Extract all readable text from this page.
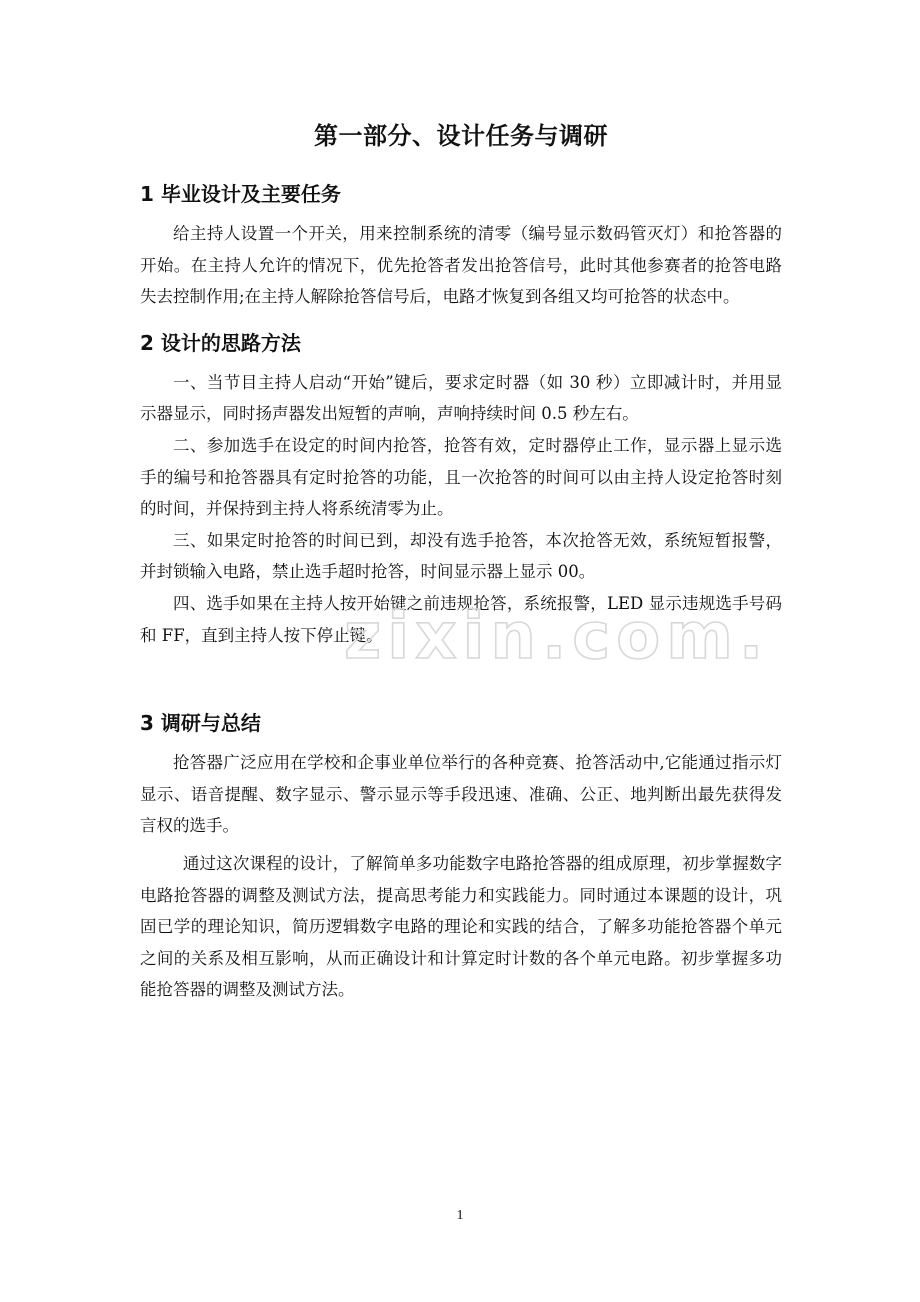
第一部分、设计任务与调研
1 毕业设计及主要任务

给主持人设置一个开关，用来控制系统的清零（编号显示数码管灭灯）和抢答器的开始。在主持人允许的情况下，优先抢答者发出抢答信号，此时其他参赛者的抢答电路失去控制作用;在主持人解除抢答信号后，电路才恢复到各组又均可抢答的状态中。

2 设计的思路方法

一、当节目主持人启动“开始”键后，要求定时器（如 30 秒）立即减计时，并用显示器显示，同时扬声器发出短暂的声响，声响持续时间 0.5 秒左右。

二、参加选手在设定的时间内抢答，抢答有效，定时器停止工作，显示器上显示选手的编号和抢答器具有定时抢答的功能，且一次抢答的时间可以由主持人设定抢答时刻的时间，并保持到主持人将系统清零为止。

三、如果定时抢答的时间已到，却没有选手抢答，本次抢答无效，系统短暂报警，并封锁输入电路，禁止选手超时抢答，时间显示器上显示 00。

四、选手如果在主持人按开始键之前违规抢答，系统报警，LED 显示违规选手号码和 FF，直到主持人按下停止键。

3 调研与总结

抢答器广泛应用在学校和企事业单位举行的各种竞赛、抢答活动中,它能通过指示灯显示、语音提醒、数字显示、警示显示等手段迅速、准确、公正、地判断出最先获得发言权的选手。

通过这次课程的设计，了解简单多功能数字电路抢答器的组成原理，初步掌握数字电路抢答器的调整及测试方法，提高思考能力和实践能力。同时通过本课题的设计，巩固已学的理论知识，简历逻辑数字电路的理论和实践的结合，了解多功能抢答器个单元之间的关系及相互影响，从而正确设计和计算定时计数的各个单元电路。初步掌握多功能抢答器的调整及测试方法。

zixin.com.
1
